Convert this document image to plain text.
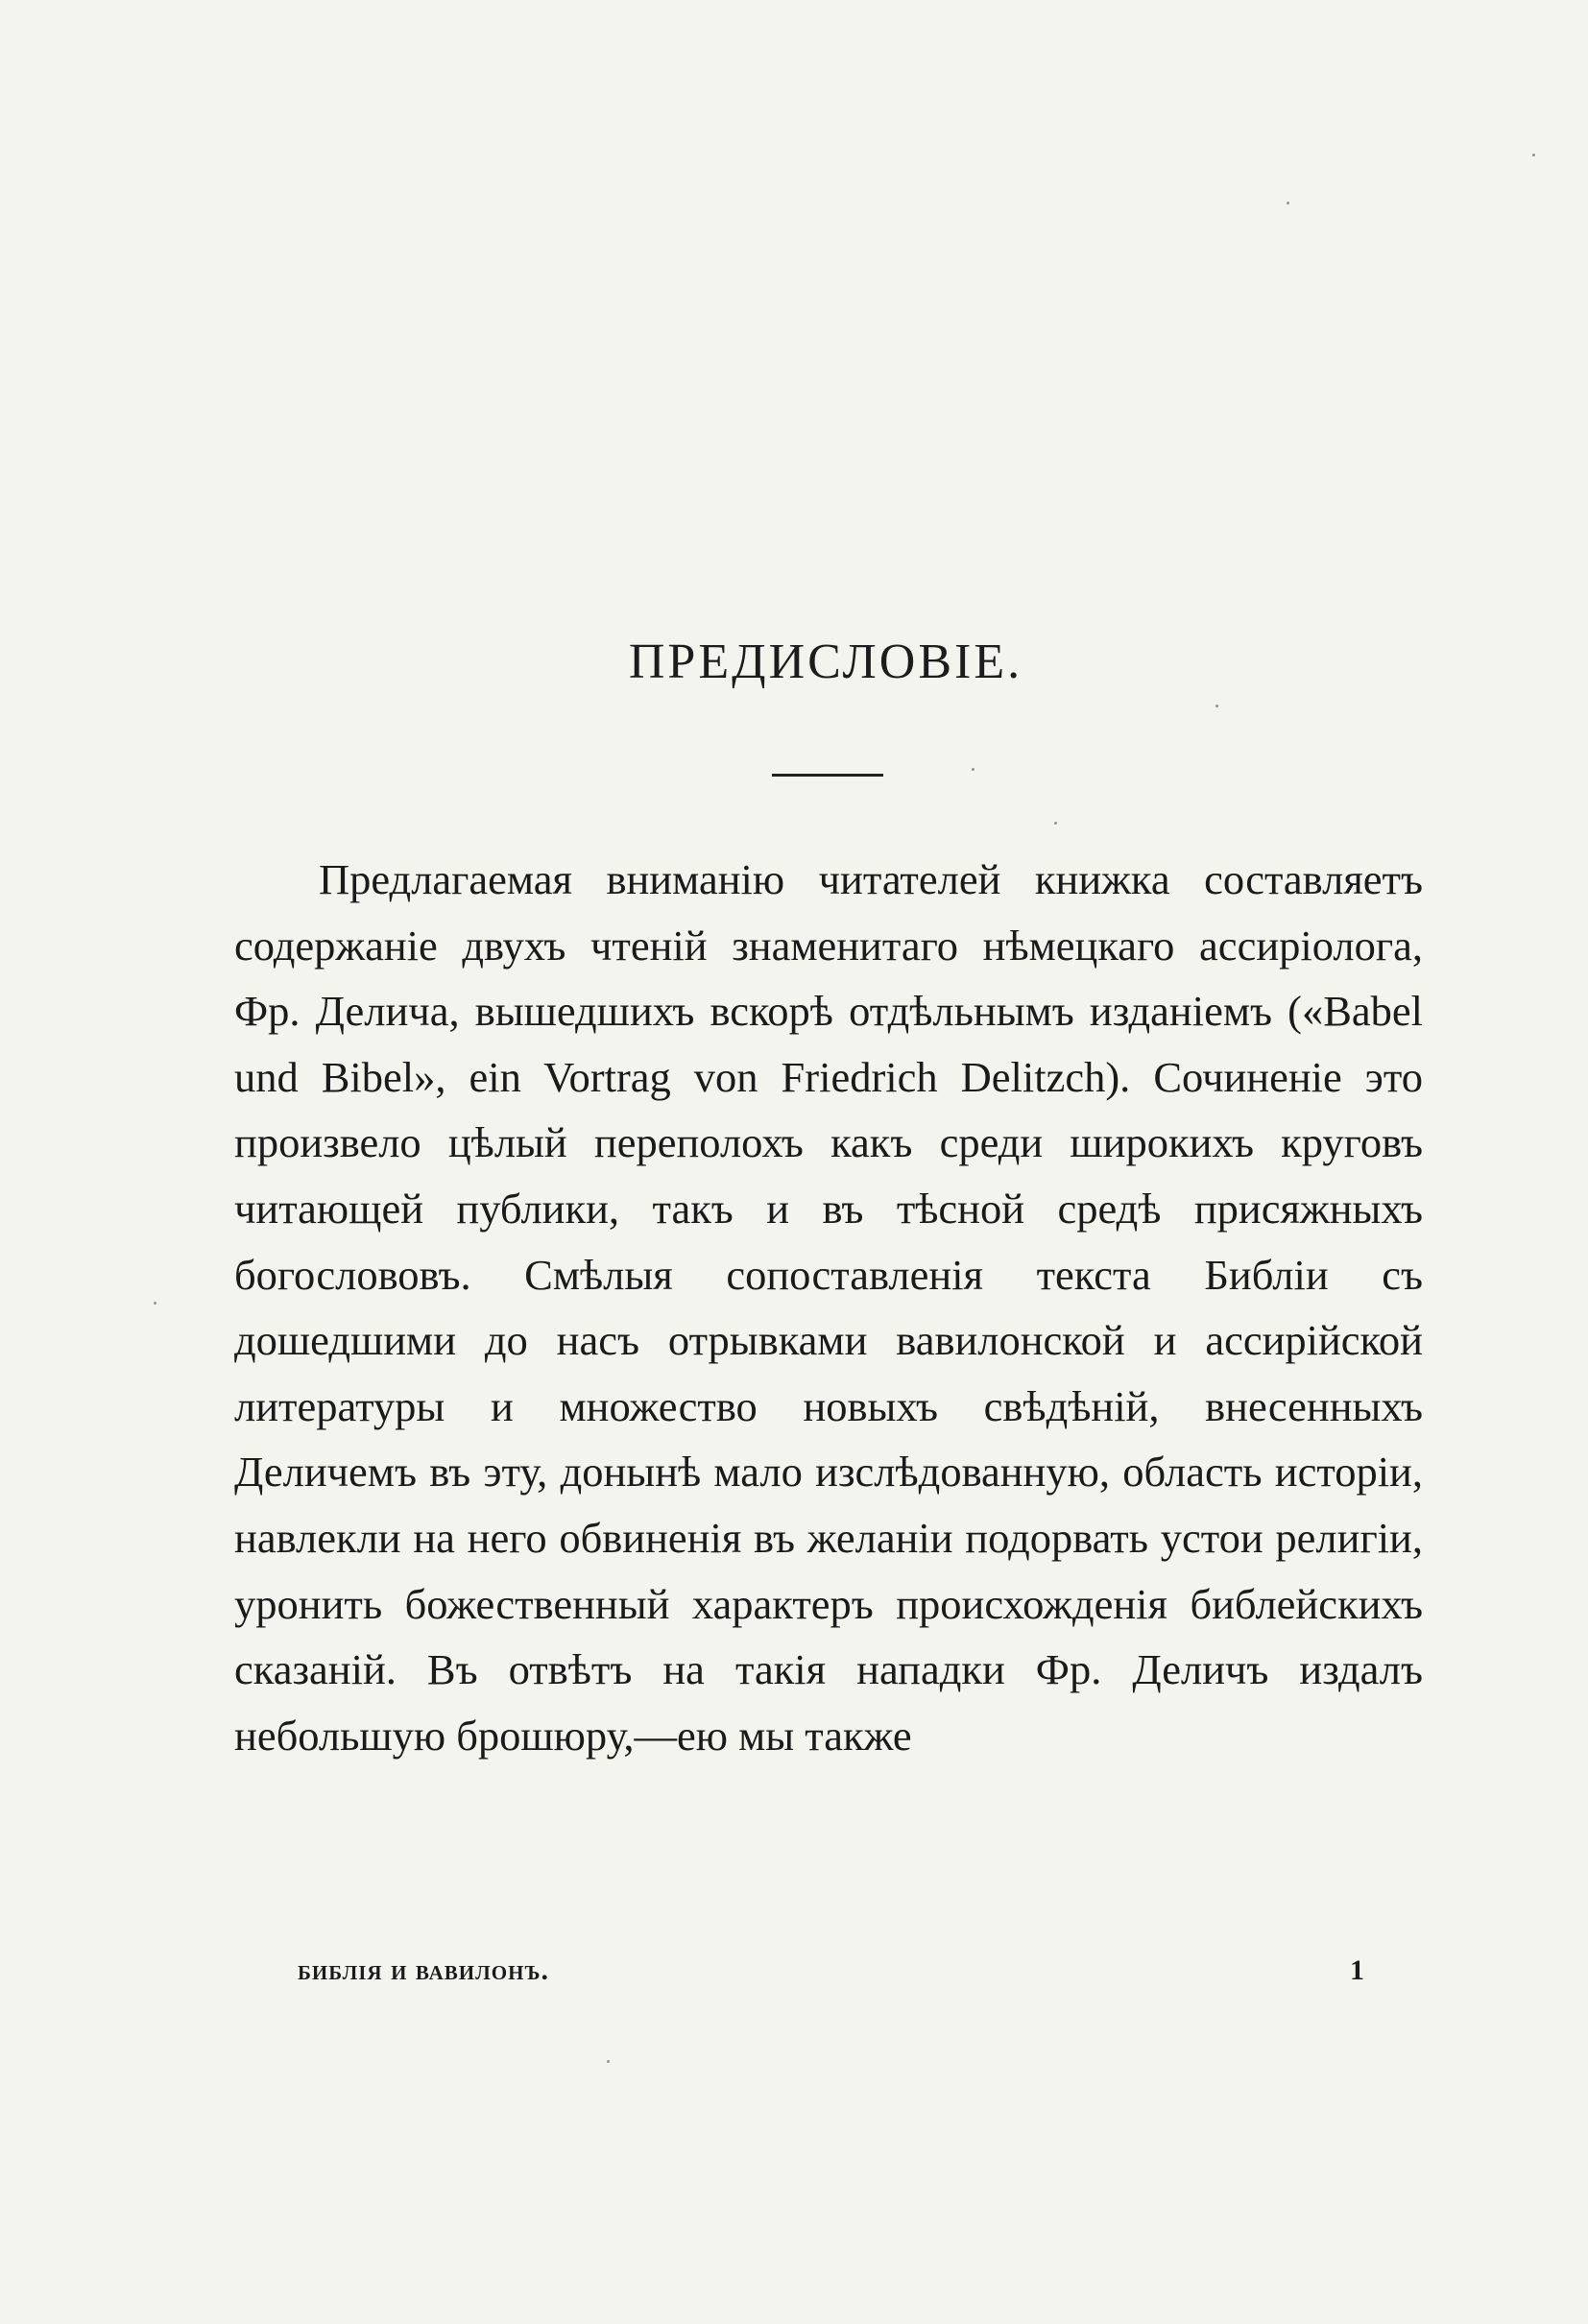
ПРЕДИСЛОВІЕ.

Предлагаемая вниманію читателей книжка составляетъ содержаніе двухъ чтеній знаменитаго нѣмецкаго ассиріолога, Фр. Делича, вышедшихъ вскорѣ отдѣльнымъ изданіемъ («Babel und Bibel», ein Vortrag von Friedrich Delitzch). Сочиненіе это произвело цѣлый переполохъ какъ среди широкихъ круговъ читающей публики, такъ и въ тѣсной средѣ присяжныхъ богослововъ. Смѣлыя сопоставленія текста Библіи съ дошедшими до насъ отрывками вавилонской и ассирійской литературы и множество новыхъ свѣдѣній, внесенныхъ Деличемъ въ эту, донынѣ мало изслѣдованную, область исторіи, навлекли на него обвиненія въ желаніи подорвать устои религіи, уронить божественный характеръ происхожденія библейскихъ сказаній. Въ отвѣтъ на такія нападки Фр. Деличъ издалъ небольшую брошюру,—ею мы также

библія и вавилонъ.	1
